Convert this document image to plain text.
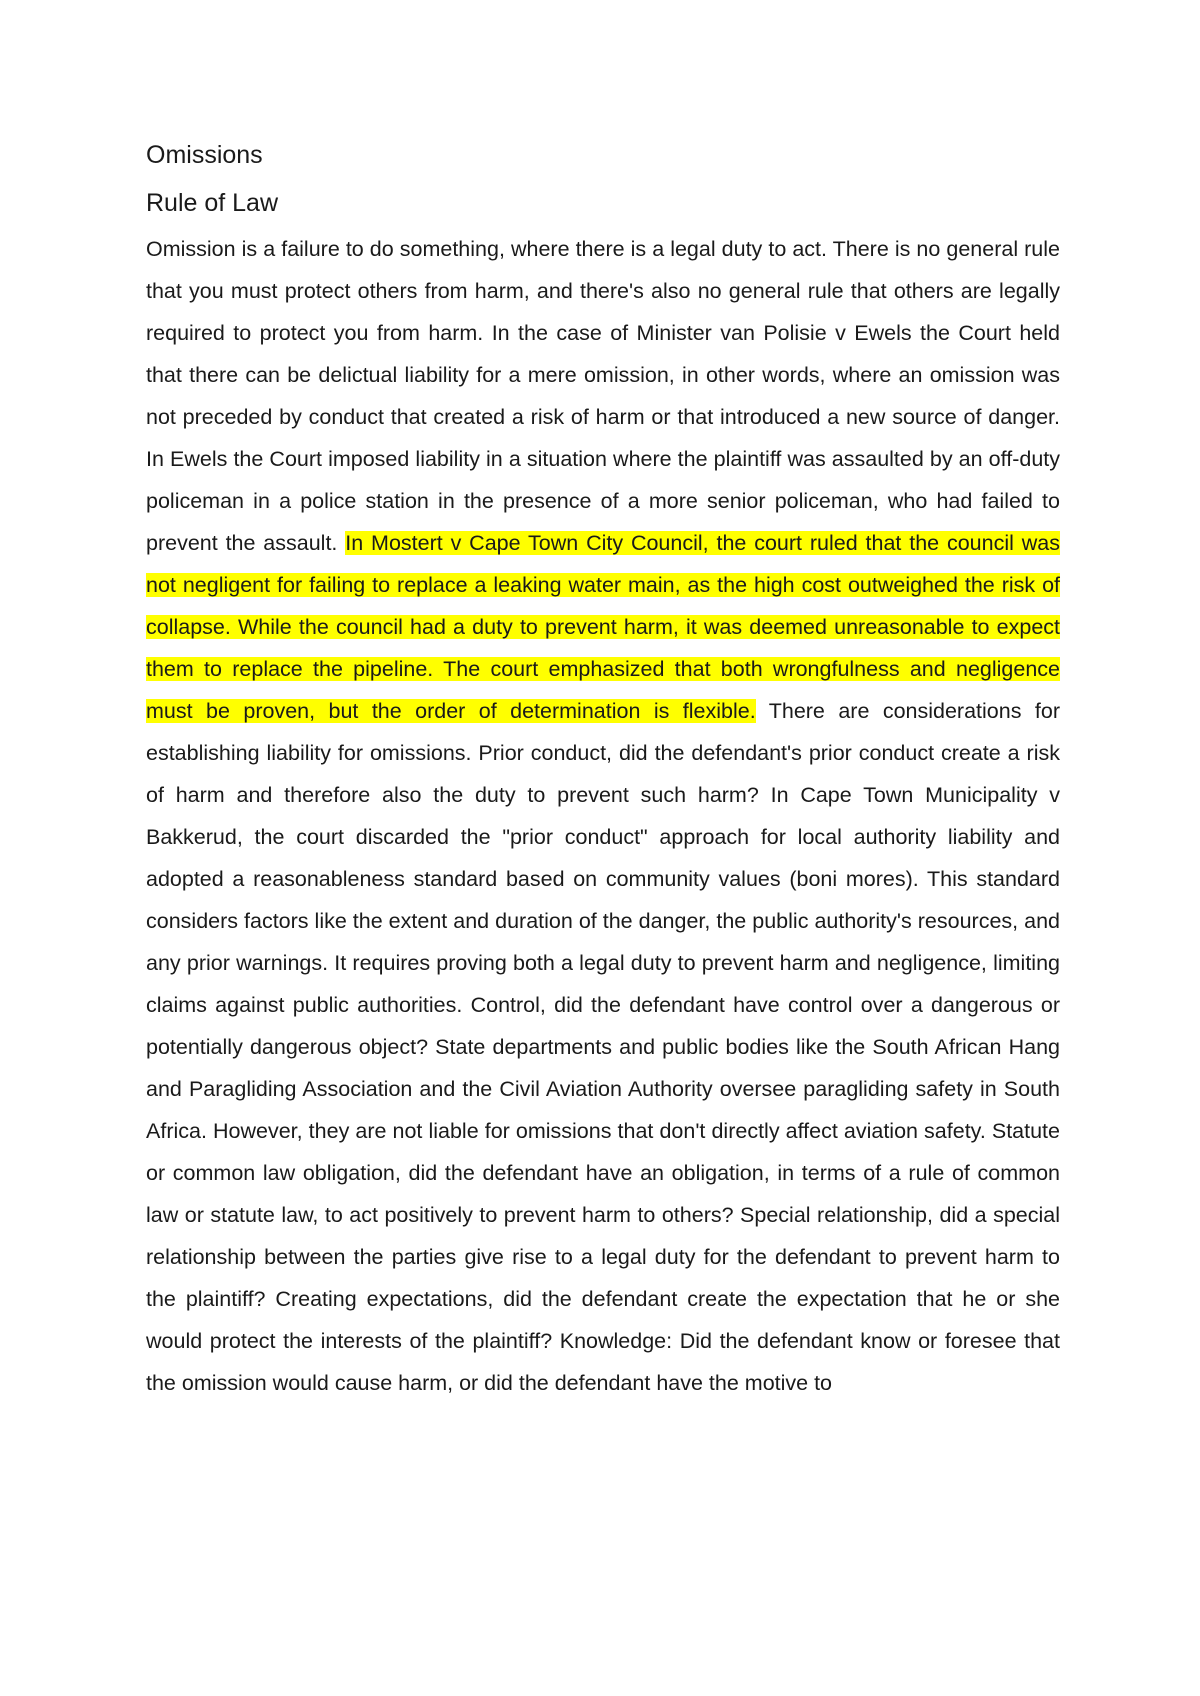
Omissions
Rule of Law

Omission is a failure to do something, where there is a legal duty to act. There is no general rule that you must protect others from harm, and there's also no general rule that others are legally required to protect you from harm. In the case of Minister van Polisie v Ewels the Court held that there can be delictual liability for a mere omission, in other words, where an omission was not preceded by conduct that created a risk of harm or that introduced a new source of danger. In Ewels the Court imposed liability in a situation where the plaintiff was assaulted by an off-duty policeman in a police station in the presence of a more senior policeman, who had failed to prevent the assault. In Mostert v Cape Town City Council, the court ruled that the council was not negligent for failing to replace a leaking water main, as the high cost outweighed the risk of collapse. While the council had a duty to prevent harm, it was deemed unreasonable to expect them to replace the pipeline. The court emphasized that both wrongfulness and negligence must be proven, but the order of determination is flexible. There are considerations for establishing liability for omissions. Prior conduct, did the defendant's prior conduct create a risk of harm and therefore also the duty to prevent such harm? In Cape Town Municipality v Bakkerud, the court discarded the "prior conduct" approach for local authority liability and adopted a reasonableness standard based on community values (boni mores). This standard considers factors like the extent and duration of the danger, the public authority's resources, and any prior warnings. It requires proving both a legal duty to prevent harm and negligence, limiting claims against public authorities. Control, did the defendant have control over a dangerous or potentially dangerous object? State departments and public bodies like the South African Hang and Paragliding Association and the Civil Aviation Authority oversee paragliding safety in South Africa. However, they are not liable for omissions that don't directly affect aviation safety. Statute or common law obligation, did the defendant have an obligation, in terms of a rule of common law or statute law, to act positively to prevent harm to others? Special relationship, did a special relationship between the parties give rise to a legal duty for the defendant to prevent harm to the plaintiff? Creating expectations, did the defendant create the expectation that he or she would protect the interests of the plaintiff? Knowledge: Did the defendant know or foresee that the omission would cause harm, or did the defendant have the motive to
